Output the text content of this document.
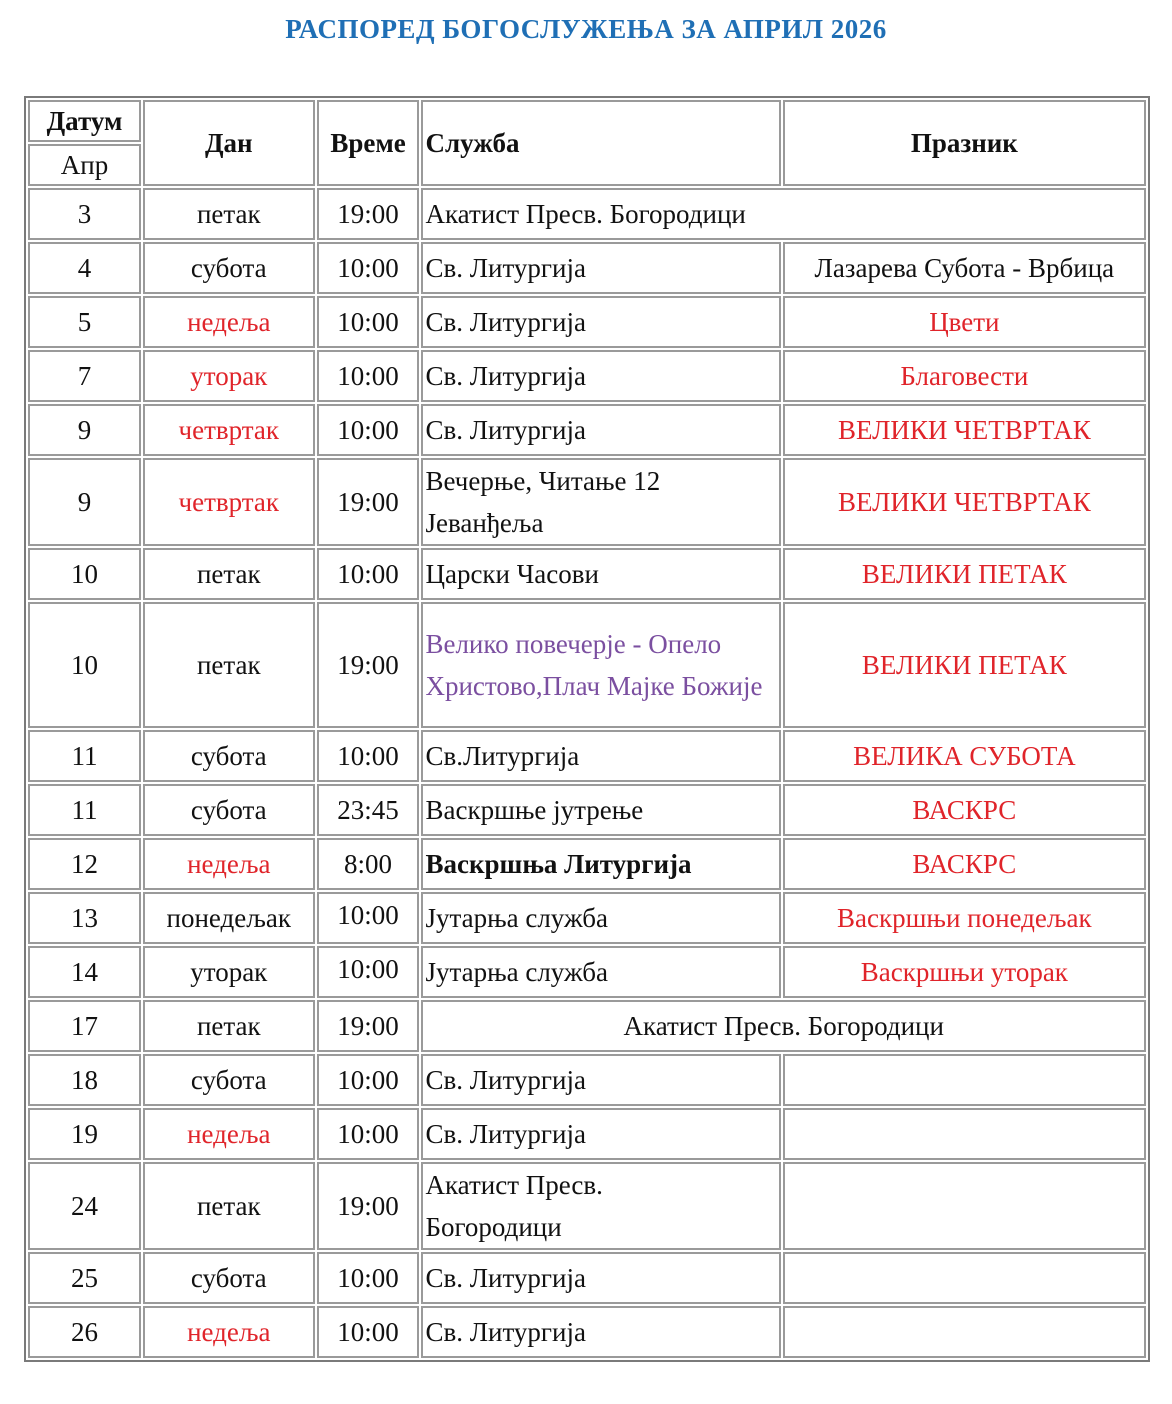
РАСПОРЕД БОГОСЛУЖЕЊА ЗА АПРИЛ 2026
Датум	Дан	Време	Служба	Празник
Апр				
3	петак	19:00	Акатист Пресв. Богородици	
4	субота	10:00	Св. Литургија	Лазарева Субота - Врбица
5	недеља	10:00	Св. Литургија	Цвети
7	уторак	10:00	Св. Литургија	Благовести
9	четвртак	10:00	Св. Литургија	ВЕЛИКИ ЧЕТВРТАК
9	четвртак	19:00	Вечерње, Читање 12 Јеванђеља	ВЕЛИКИ ЧЕТВРТАК
10	петак	10:00	Царски Часови	ВЕЛИКИ ПЕТАК
10	петак	19:00	Велико повечерје - Опело Христово,Плач Мајке Божије	ВЕЛИКИ ПЕТАК
11	субота	10:00	Св.Литургија	ВЕЛИКА СУБОТА
11	субота	23:45	Васкршње јутрење	ВАСКРС
12	недеља	8:00	Васкршња Литургија	ВАСКРС
13	понедељак	10:00	Јутарња служба	Васкршњи понедељак
14	уторак	10:00	Јутарња служба	Васкршњи уторак
17	петак	19:00	Акатист Пресв. Богородици	
18	субота	10:00	Св. Литургија	
19	недеља	10:00	Св. Литургија	
24	петак	19:00	Акатист Пресв. Богородици	
25	субота	10:00	Св. Литургија	
26	недеља	10:00	Св. Литургија	
